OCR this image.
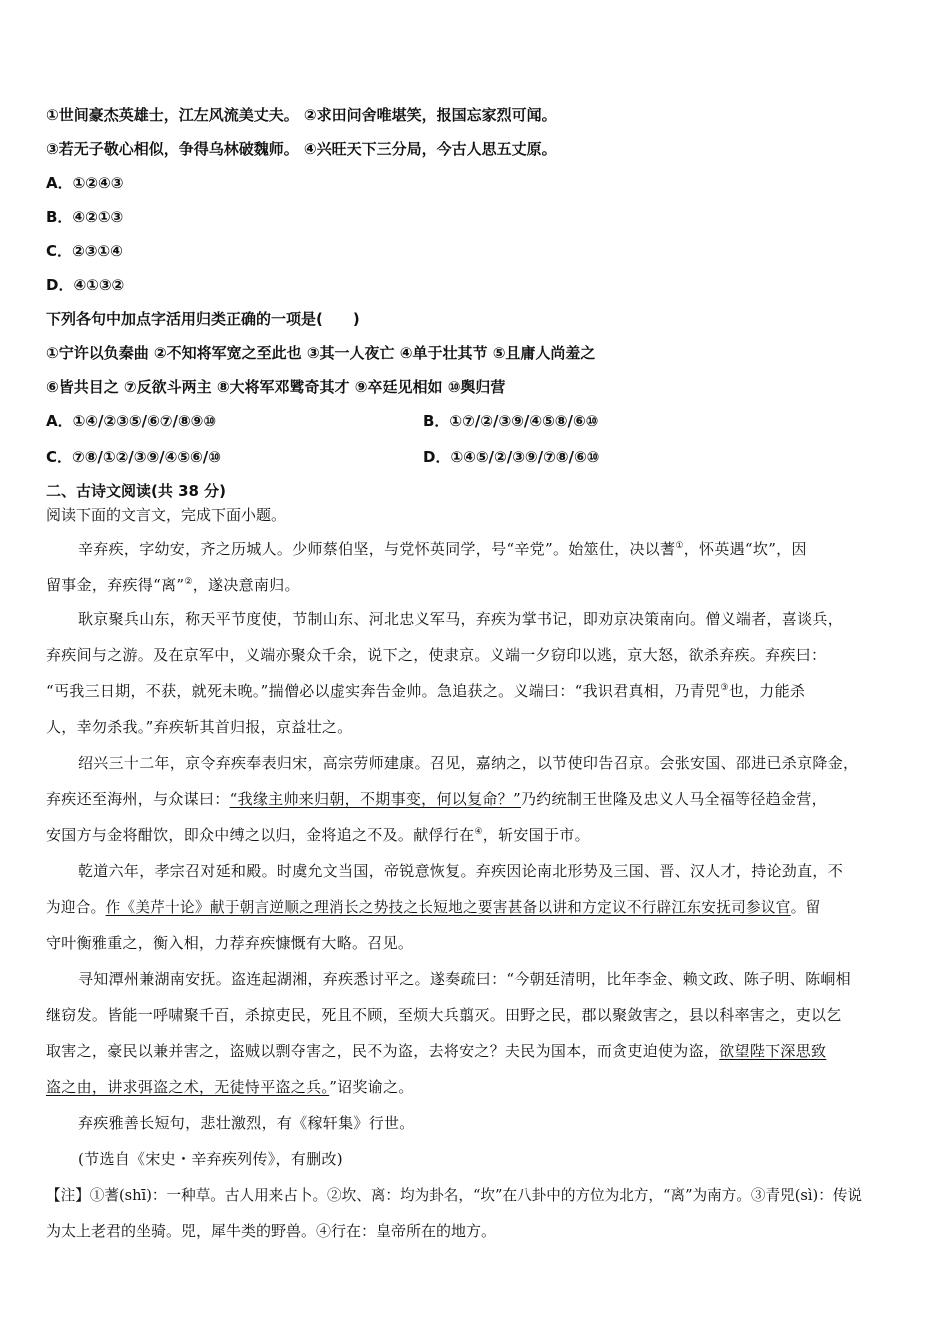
①世间豪杰英雄士，江左风流美丈夫。 ②求田问舍唯堪笑，报国忘家烈可闻。
③若无子敬心相似，争得乌林破魏师。 ④兴旺天下三分局，今古人思五丈原。
A．①②④③
B．④②①③
C．②③①④
D．④①③②
下列各句中加点字活用归类正确的一项是(　　)
①宁许以负秦曲 ②不知将军宽之至此也 ③其一人夜亡 ④单于壮其节 ⑤且庸人尚羞之
⑥皆共目之 ⑦反欲斗两主 ⑧大将军邓骘奇其才 ⑨卒廷见相如 ⑩舆归营
A．①④/②③⑤/⑥⑦/⑧⑨⑩	B．①⑦/②/③⑨/④⑤⑧/⑥⑩
C．⑦⑧/①②/③⑨/④⑤⑥/⑩	D．①④⑤/②/③⑨/⑦⑧/⑥⑩
二、古诗文阅读(共 38 分)
阅读下面的文言文，完成下面小题。
辛弃疾，字幼安，齐之历城人。少师蔡伯坚，与党怀英同学，号“辛党”。始筮仕，决以蓍①，怀英遇“坎”，因
留事金，弃疾得“离”②，遂决意南归。
耿京聚兵山东，称天平节度使，节制山东、河北忠义军马，弃疾为掌书记，即劝京决策南向。僧义端者，喜谈兵，
弃疾间与之游。及在京军中，义端亦聚众千余，说下之，使隶京。义端一夕窃印以逃，京大怒，欲杀弃疾。弃疾曰：
“丐我三日期，不获，就死未晚。”揣僧必以虚实奔告金帅。急追获之。义端曰：“我识君真相，乃青兕③也，力能杀
人，幸勿杀我。”弃疾斩其首归报，京益壮之。
绍兴三十二年，京令弃疾奉表归宋，高宗劳师建康。召见，嘉纳之，以节使印告召京。会张安国、邵进已杀京降金，
弃疾还至海州，与众谋曰：“我缘主帅来归朝，不期事变，何以复命？”乃约统制王世隆及忠义人马全福等径趋金营，
安国方与金将酣饮，即众中缚之以归，金将追之不及。献俘行在④，斩安国于市。
乾道六年，孝宗召对延和殿。时虞允文当国，帝锐意恢复。弃疾因论南北形势及三国、晋、汉人才，持论劲直，不
为迎合。作《美芹十论》献于朝言逆顺之理消长之势技之长短地之要害甚备以讲和方定议不行辟江东安抚司参议官。留
守叶衡雅重之，衡入相，力荐弃疾慷慨有大略。召见。
寻知潭州兼湖南安抚。盗连起湖湘，弃疾悉讨平之。遂奏疏曰：“今朝廷清明，比年李金、赖文政、陈子明、陈峒相
继窃发。皆能一呼啸聚千百，杀掠吏民，死且不顾，至烦大兵翦灭。田野之民，郡以聚敛害之，县以科率害之，吏以乞
取害之，豪民以兼并害之，盗贼以剽夺害之，民不为盗，去将安之？夫民为国本，而贪吏迫使为盗，欲望陛下深思致
盗之由，讲求弭盗之术，无徒恃平盗之兵。”诏奖谕之。
弃疾雅善长短句，悲壮激烈，有《稼轩集》行世。
(节选自《宋史・辛弃疾列传》，有删改)
【注】①蓍(shī)：一种草。古人用来占卜。②坎、离：均为卦名，“坎”在八卦中的方位为北方，“离”为南方。③青兕(sì)：传说
为太上老君的坐骑。兕，犀牛类的野兽。④行在：皇帝所在的地方。
